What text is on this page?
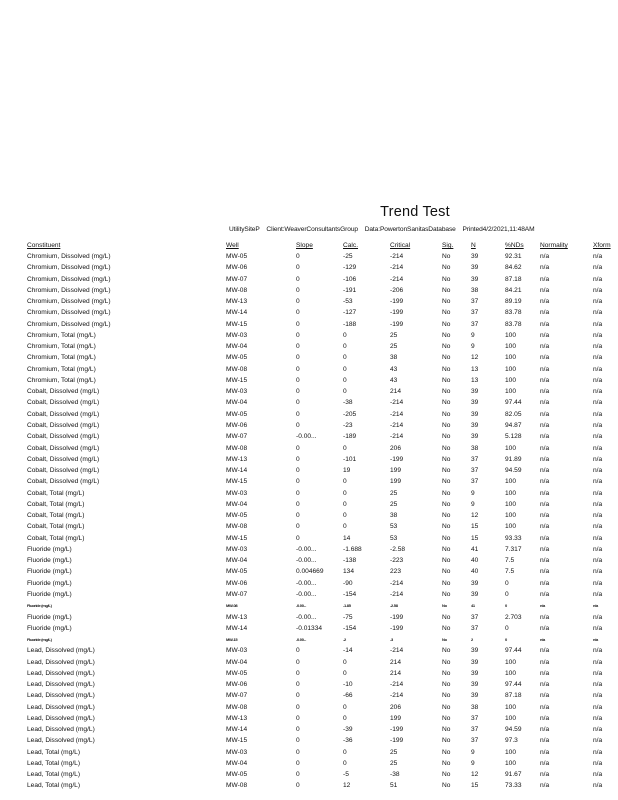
Trend Test
UtilitySiteP Client:WeaverConsultantsGroup Data:PowertonSanitasDatabase Printed4/2/2021,11:48AM
Constituent	Well	Slope	Calc.	Critical	Sig.	N	%NDs	Normality	Xform
Chromium, Dissolved (mg/L)	MW-05	0	-25	-214	No	39	92.31	n/a	n/a
Chromium, Dissolved (mg/L)	MW-06	0	-129	-214	No	39	84.62	n/a	n/a
Chromium, Dissolved (mg/L)	MW-07	0	-106	-214	No	39	87.18	n/a	n/a
Chromium, Dissolved (mg/L)	MW-08	0	-191	-206	No	38	84.21	n/a	n/a
Chromium, Dissolved (mg/L)	MW-13	0	-53	-199	No	37	89.19	n/a	n/a
Chromium, Dissolved (mg/L)	MW-14	0	-127	-199	No	37	83.78	n/a	n/a
Chromium, Dissolved (mg/L)	MW-15	0	-188	-199	No	37	83.78	n/a	n/a
Chromium, Total (mg/L)	MW-03	0	0	25	No	9	100	n/a	n/a
Chromium, Total (mg/L)	MW-04	0	0	25	No	9	100	n/a	n/a
Chromium, Total (mg/L)	MW-05	0	0	38	No	12	100	n/a	n/a
Chromium, Total (mg/L)	MW-08	0	0	43	No	13	100	n/a	n/a
Chromium, Total (mg/L)	MW-15	0	0	43	No	13	100	n/a	n/a
Cobalt, Dissolved (mg/L)	MW-03	0	0	214	No	39	100	n/a	n/a
Cobalt, Dissolved (mg/L)	MW-04	0	-38	-214	No	39	97.44	n/a	n/a
Cobalt, Dissolved (mg/L)	MW-05	0	-205	-214	No	39	82.05	n/a	n/a
Cobalt, Dissolved (mg/L)	MW-06	0	-23	-214	No	39	94.87	n/a	n/a
Cobalt, Dissolved (mg/L)	MW-07	-0.00...	-189	-214	No	39	5.128	n/a	n/a
Cobalt, Dissolved (mg/L)	MW-08	0	0	206	No	38	100	n/a	n/a
Cobalt, Dissolved (mg/L)	MW-13	0	-101	-199	No	37	91.89	n/a	n/a
Cobalt, Dissolved (mg/L)	MW-14	0	19	199	No	37	94.59	n/a	n/a
Cobalt, Dissolved (mg/L)	MW-15	0	0	199	No	37	100	n/a	n/a
Cobalt, Total (mg/L)	MW-03	0	0	25	No	9	100	n/a	n/a
Cobalt, Total (mg/L)	MW-04	0	0	25	No	9	100	n/a	n/a
Cobalt, Total (mg/L)	MW-05	0	0	38	No	12	100	n/a	n/a
Cobalt, Total (mg/L)	MW-08	0	0	53	No	15	100	n/a	n/a
Cobalt, Total (mg/L)	MW-15	0	14	53	No	15	93.33	n/a	n/a
Fluoride (mg/L)	MW-03	-0.00...	-1.688	-2.58	No	41	7.317	n/a	n/a
Fluoride (mg/L)	MW-04	-0.00...	-138	-223	No	40	7.5	n/a	n/a
Fluoride (mg/L)	MW-05	0.004669	134	223	No	40	7.5	n/a	n/a
Fluoride (mg/L)	MW-06	-0.00...	-90	-214	No	39	0	n/a	n/a
Fluoride (mg/L)	MW-07	-0.00...	-154	-214	No	39	0	n/a	n/a
Fluoride (mg/L)	MW-08	-0.00...	-1.85	-2.58	No	41	0	n/a	n/a
Fluoride (mg/L)	MW-13	-0.00...	-75	-199	No	37	2.703	n/a	n/a
Fluoride (mg/L)	MW-14	-0.01334	-154	-199	No	37	0	n/a	n/a
Fluoride (mg/L)	MW-15	-0.00...	-2	-3	No	2	0	n/a	n/a
Lead, Dissolved (mg/L)	MW-03	0	-14	-214	No	39	97.44	n/a	n/a
Lead, Dissolved (mg/L)	MW-04	0	0	214	No	39	100	n/a	n/a
Lead, Dissolved (mg/L)	MW-05	0	0	214	No	39	100	n/a	n/a
Lead, Dissolved (mg/L)	MW-06	0	-10	-214	No	39	97.44	n/a	n/a
Lead, Dissolved (mg/L)	MW-07	0	-66	-214	No	39	87.18	n/a	n/a
Lead, Dissolved (mg/L)	MW-08	0	0	206	No	38	100	n/a	n/a
Lead, Dissolved (mg/L)	MW-13	0	0	199	No	37	100	n/a	n/a
Lead, Dissolved (mg/L)	MW-14	0	-39	-199	No	37	94.59	n/a	n/a
Lead, Dissolved (mg/L)	MW-15	0	-36	-199	No	37	97.3	n/a	n/a
Lead, Total (mg/L)	MW-03	0	0	25	No	9	100	n/a	n/a
Lead, Total (mg/L)	MW-04	0	0	25	No	9	100	n/a	n/a
Lead, Total (mg/L)	MW-05	0	-5	-38	No	12	91.67	n/a	n/a
Lead, Total (mg/L)	MW-08	0	12	51	No	15	73.33	n/a	n/a
